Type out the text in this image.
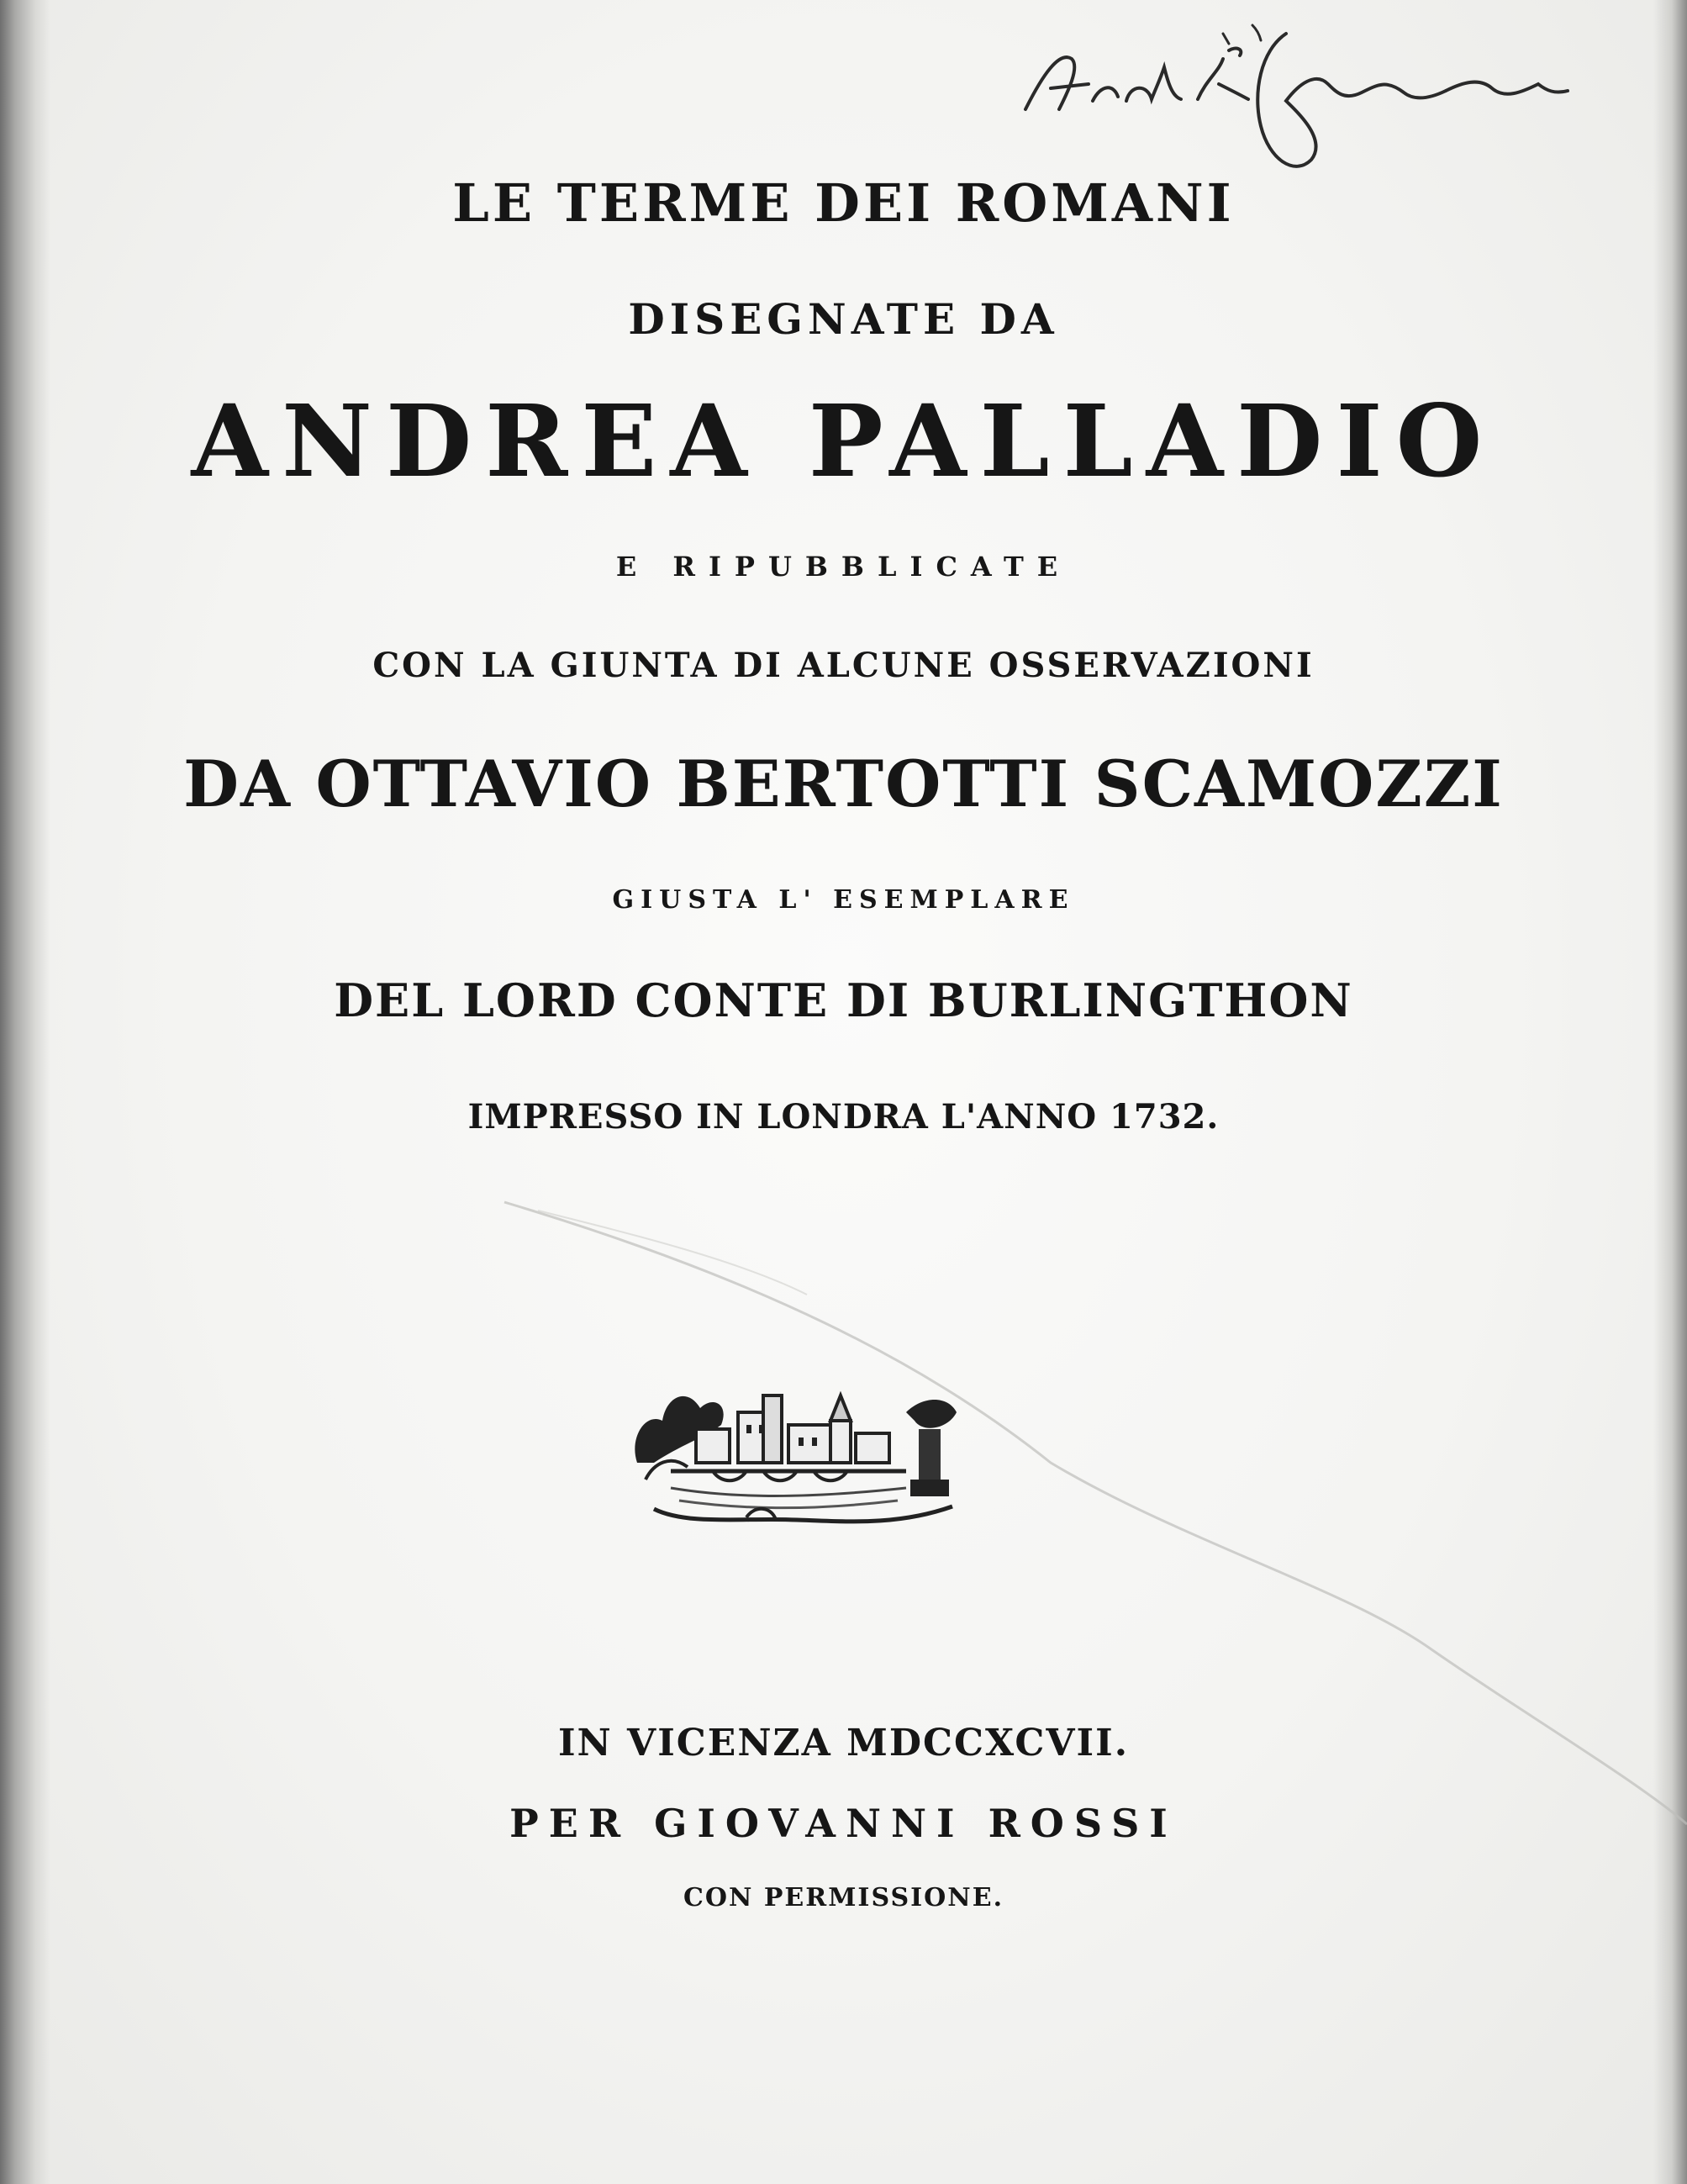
LE TERME DEI ROMANI
DISEGNATE DA
ANDREA PALLADIO
E RIPUBBLICATE
CON LA GIUNTA DI ALCUNE OSSERVAZIONI
DA OTTAVIO BERTOTTI SCAMOZZI
GIUSTA L' ESEMPLARE
DEL LORD CONTE DI BURLINGTHON
IMPRESSO IN LONDRA L'ANNO 1732.
IN VICENZA MDCCXCVII.
PER GIOVANNI ROSSI
CON PERMISSIONE.
